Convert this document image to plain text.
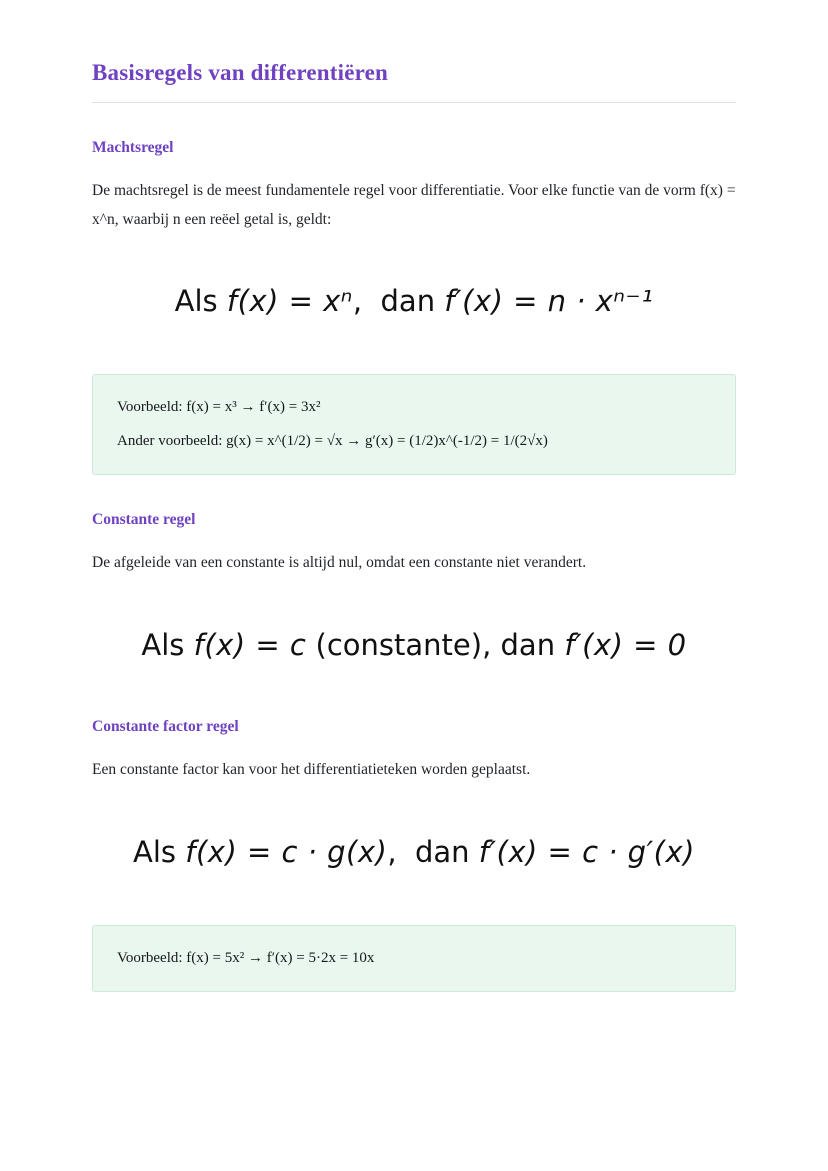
Basisregels van differentiëren
Machtsregel

De machtsregel is de meest fundamentele regel voor differentiatie. Voor elke functie van de vorm f(x) = x^n, waarbij n een reëel getal is, geldt:

Als f(x) = xⁿ,  dan f′(x) = n · xⁿ⁻¹

Voorbeeld: f(x) = x³ → f′(x) = 3x²

Ander voorbeeld: g(x) = x^(1/2) = √x → g′(x) = (1/2)x^(-1/2) = 1/(2√x)

Constante regel

De afgeleide van een constante is altijd nul, omdat een constante niet verandert.

Als f(x) = c (constante), dan f′(x) = 0
Constante factor regel

Een constante factor kan voor het differentiatieteken worden geplaatst.

Als f(x) = c · g(x),  dan f′(x) = c · g′(x)

Voorbeeld: f(x) = 5x² → f′(x) = 5·2x = 10x
